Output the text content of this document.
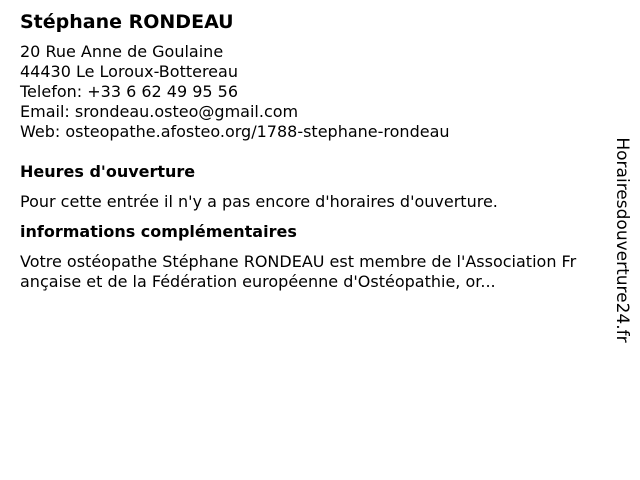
Stéphane RONDEAU
20 Rue Anne de Goulaine
44430 Le Loroux-Bottereau
Telefon: +33 6 62 49 95 56
Email: srondeau.osteo@gmail.com
Web: osteopathe.afosteo.org/1788-stephane-rondeau
Heures d'ouverture
Pour cette entrée il n'y a pas encore d'horaires d'ouverture.
informations complémentaires
Votre ostéopathe Stéphane RONDEAU est membre de l'Association Française et de la Fédération européenne d'Ostéopathie, or...	Horairesdouverture24.fr
